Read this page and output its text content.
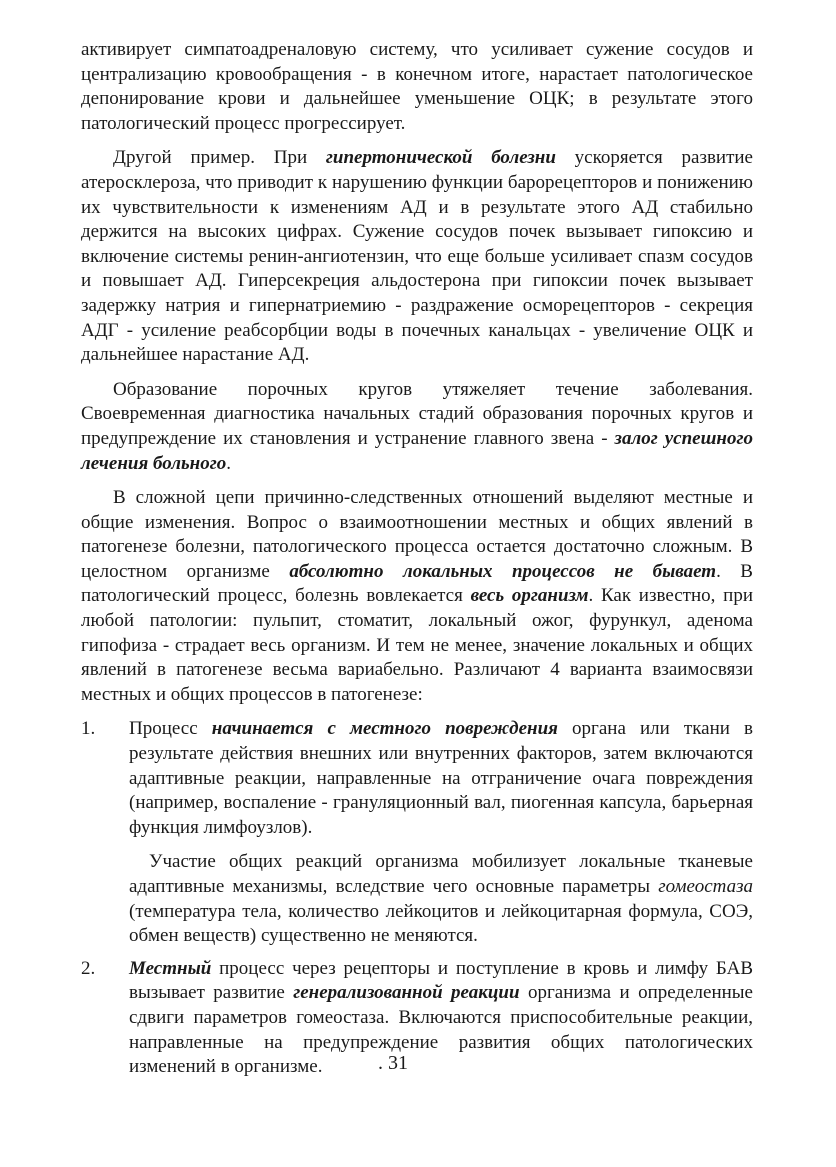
активирует симпатоадреналовую систему, что усиливает сужение сосудов и централизацию кровообращения - в конечном итоге, нарастает патологическое депонирование крови и дальнейшее уменьшение ОЦК; в результате этого патологический процесс прогрессирует.

Другой пример. При гипертонической болезни ускоряется развитие атеросклероза, что приводит к нарушению функции барорецепторов и понижению их чувствительности к изменениям АД и в результате этого АД стабильно держится на высоких цифрах. Сужение сосудов почек вызывает гипоксию и включение системы ренин-ангиотензин, что еще больше усиливает спазм сосудов и повышает АД. Гиперсекреция альдостерона при гипоксии почек вызывает задержку натрия и гипернатриемию - раздражение осморецепторов - секреция АДГ - усиление реабсорбции воды в почечных канальцах - увеличение ОЦК и дальнейшее нарастание АД.

Образование порочных кругов утяжеляет течение заболевания. Своевременная диагностика начальных стадий образования порочных кругов и предупреждение их становления и устранение главного звена - залог успешного лечения больного.

В сложной цепи причинно-следственных отношений выделяют местные и общие изменения. Вопрос о взаимоотношении местных и общих явлений в патогенезе болезни, патологического процесса остается достаточно сложным. В целостном организме абсолютно локальных процессов не бывает. В патологический процесс, болезнь вовлекается весь организм. Как известно, при любой патологии: пульпит, стоматит, локальный ожог, фурункул, аденома гипофиза - страдает весь организм. И тем не менее, значение локальных и общих явлений в патогенезе весьма вариабельно. Различают 4 варианта взаимосвязи местных и общих процессов в патогенезе:

1.	Процесс начинается с местного повреждения органа или ткани в результате действия внешних или внутренних факторов, затем включаются адаптивные реакции, направленные на отграничение очага повреждения (например, воспаление - грануляционный вал, пиогенная капсула, барьерная функция лимфоузлов).
Участие общих реакций организма мобилизует локальные тканевые адаптивные механизмы, вследствие чего основные параметры гомеостаза (температура тела, количество лейкоцитов и лейкоцитарная формула, СОЭ, обмен веществ) существенно не меняются.
2.	Местный процесс через рецепторы и поступление в кровь и лимфу БАВ вызывает развитие генерализованной реакции организма и определенные сдвиги параметров гомеостаза. Включаются приспособительные реакции, направленные на предупреждение развития общих патологических изменений в организме.	. 31
